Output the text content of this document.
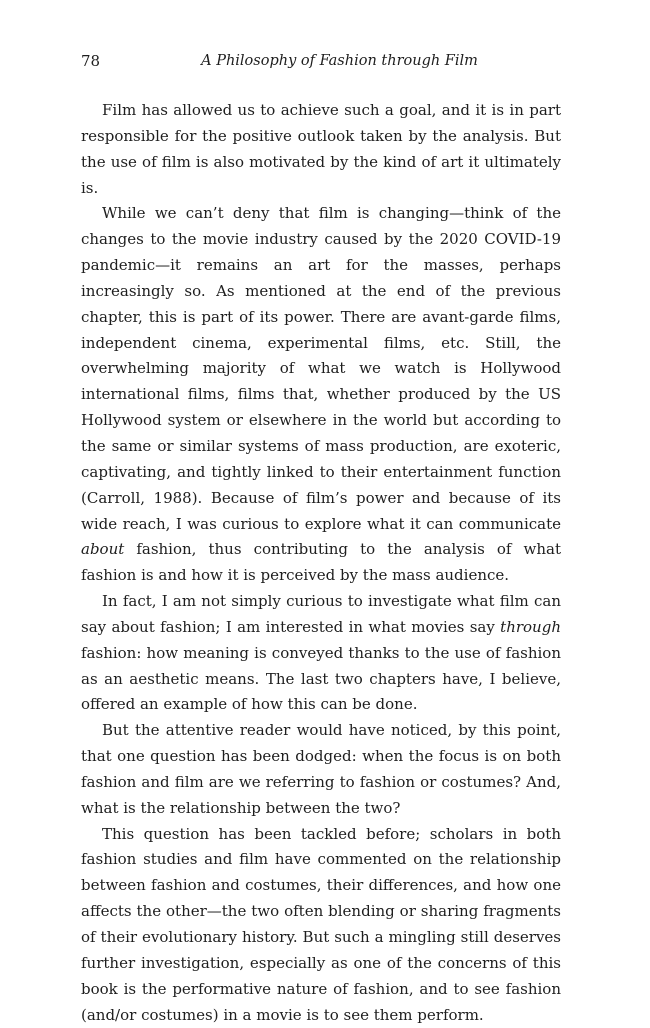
78	A Philosophy of Fashion through Film

Film has allowed us to achieve such a goal, and it is in part responsible for the positive outlook taken by the analysis. But the use of film is also motivated by the kind of art it ultimately is.

While we can’t deny that film is changing—think of the changes to the movie industry caused by the 2020 COVID-19 pandemic—it remains an art for the masses, perhaps increasingly so. As mentioned at the end of the previous chapter, this is part of its power. There are avant-garde films, independent cinema, experimental films, etc. Still, the overwhelming majority of what we watch is Hollywood international films, films that, whether produced by the US Hollywood system or elsewhere in the world but according to the same or similar systems of mass production, are exoteric, captivating, and tightly linked to their entertainment function (Carroll, 1988). Because of film’s power and because of its wide reach, I was curious to explore what it can communicate about fashion, thus contributing to the analysis of what fashion is and how it is perceived by the mass audience.

In fact, I am not simply curious to investigate what film can say about fashion; I am interested in what movies say through fashion: how meaning is conveyed thanks to the use of fashion as an aesthetic means. The last two chapters have, I believe, offered an example of how this can be done.

But the attentive reader would have noticed, by this point, that one question has been dodged: when the focus is on both fashion and film are we referring to fashion or costumes? And, what is the relationship between the two?

This question has been tackled before; scholars in both fashion studies and film have commented on the relationship between fashion and costumes, their differences, and how one affects the other—the two often blending or sharing fragments of their evolutionary history. But such a mingling still deserves further investigation, especially as one of the concerns of this book is the performative nature of fashion, and to see fashion (and/or costumes) in a movie is to see them perform.
